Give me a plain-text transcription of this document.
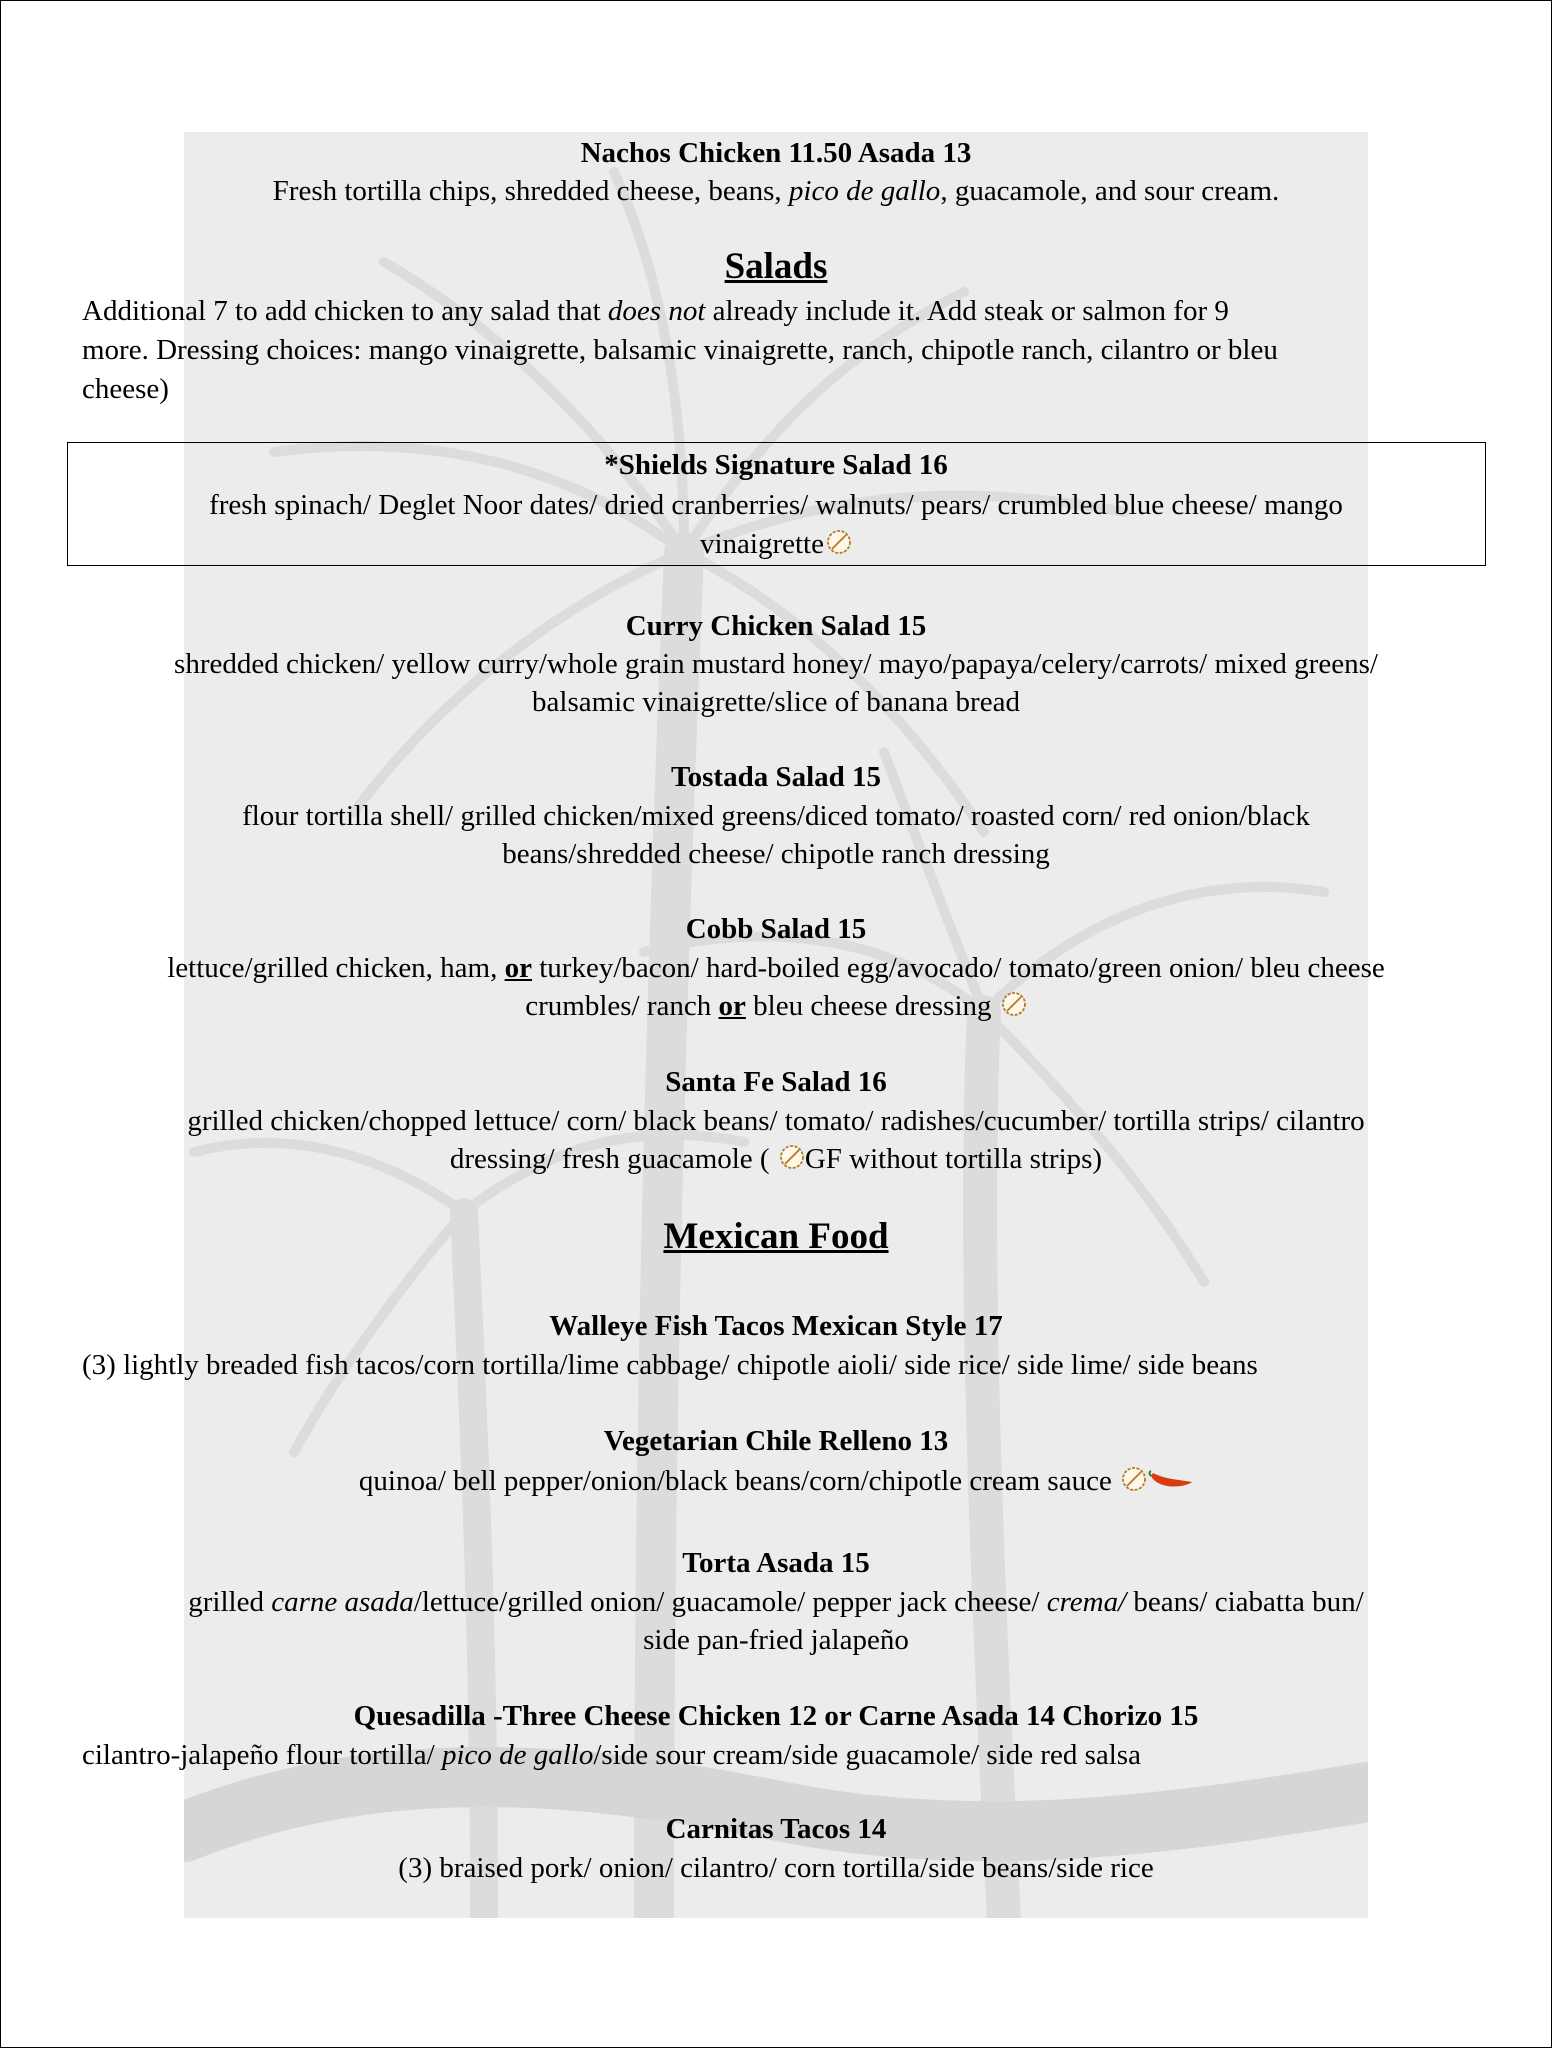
Nachos Chicken 11.50 Asada 13
Fresh tortilla chips, shredded cheese, beans, pico de gallo, guacamole, and sour cream.
Salads
Additional 7 to add chicken to any salad that does not already include it. Add steak or salmon for 9
more. Dressing choices: mango vinaigrette, balsamic vinaigrette, ranch, chipotle ranch, cilantro or bleu
cheese)
*Shields Signature Salad 16
fresh spinach/ Deglet Noor dates/ dried cranberries/ walnuts/ pears/ crumbled blue cheese/ mango
vinaigrette
Curry Chicken Salad 15
shredded chicken/ yellow curry/whole grain mustard honey/ mayo/papaya/celery/carrots/ mixed greens/
balsamic vinaigrette/slice of banana bread
Tostada Salad 15
flour tortilla shell/ grilled chicken/mixed greens/diced tomato/ roasted corn/ red onion/black
beans/shredded cheese/ chipotle ranch dressing
Cobb Salad 15
lettuce/grilled chicken, ham, or turkey/bacon/ hard-boiled egg/avocado/ tomato/green onion/ bleu cheese
crumbles/ ranch or bleu cheese dressing
Santa Fe Salad 16
grilled chicken/chopped lettuce/ corn/ black beans/ tomato/ radishes/cucumber/ tortilla strips/ cilantro
dressing/ fresh guacamole ( GF without tortilla strips)
Mexican Food
Walleye Fish Tacos Mexican Style 17
(3) lightly breaded fish tacos/corn tortilla/lime cabbage/ chipotle aioli/ side rice/ side lime/ side beans
Vegetarian Chile Relleno 13
quinoa/ bell pepper/onion/black beans/corn/chipotle cream sauce
Torta Asada 15
grilled carne asada/lettuce/grilled onion/ guacamole/ pepper jack cheese/ crema/ beans/ ciabatta bun/
side pan-fried jalapeño
Quesadilla -Three Cheese Chicken 12 or Carne Asada 14 Chorizo 15
cilantro-jalapeño flour tortilla/ pico de gallo/side sour cream/side guacamole/ side red salsa
Carnitas Tacos 14
(3) braised pork/ onion/ cilantro/ corn tortilla/side beans/side rice
